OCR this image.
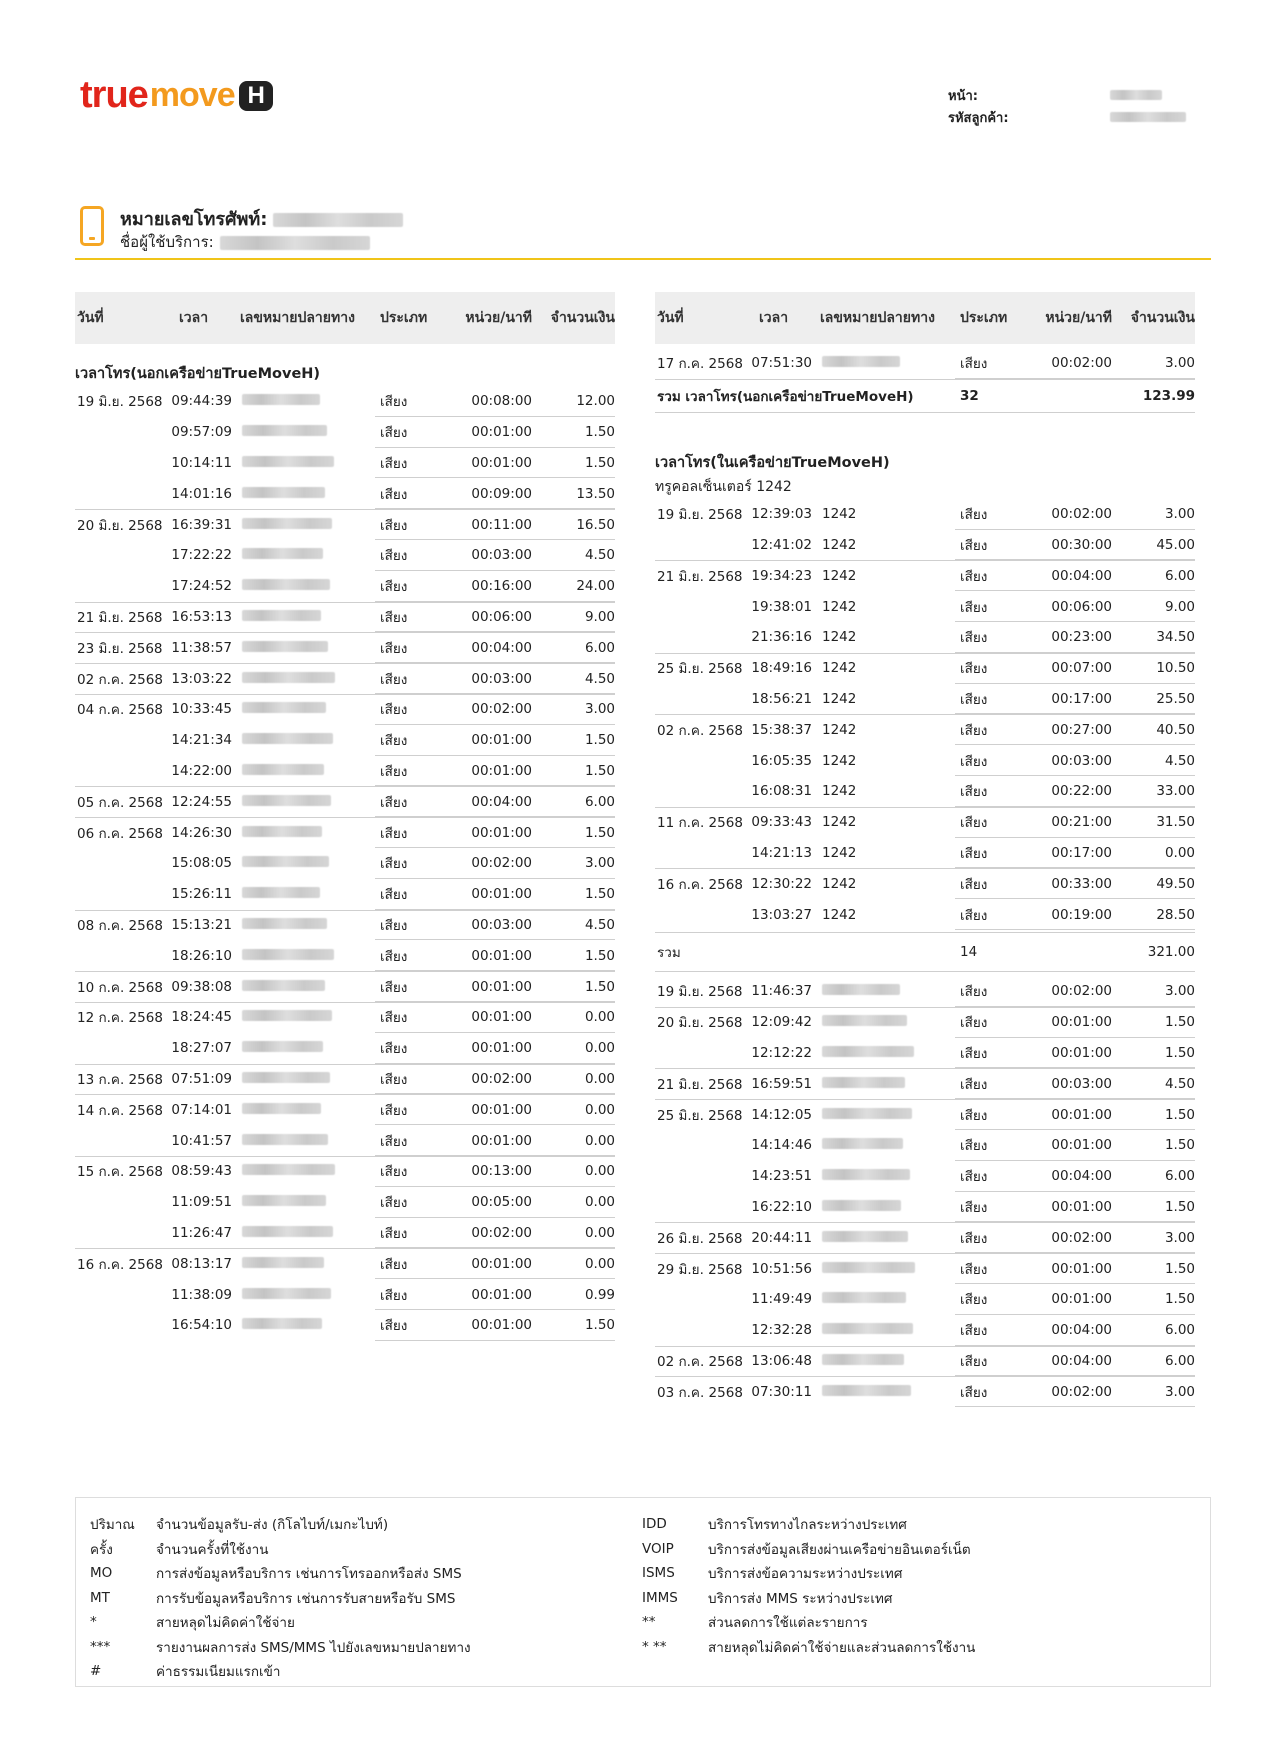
true move H	หน้า:
รหัสลูกค้า:
หมายเลขโทรศัพท์:
ชื่อผู้ใช้บริการ:
วันที่	เวลา	เลขหมายปลายทาง	ประเภท	หน่วย/นาที	จำนวนเงิน
เวลาโทร(นอกเครือข่ายTrueMoveH)
19 มิ.ย. 2568 09:44:39	เสียง	00:08:00	12.00
09:57:09	เสียง	00:01:00	1.50
10:14:11	เสียง	00:01:00	1.50
14:01:16	เสียง	00:09:00	13.50
20 มิ.ย. 2568 16:39:31	เสียง	00:11:00	16.50
17:22:22	เสียง	00:03:00	4.50
17:24:52	เสียง	00:16:00	24.00
21 มิ.ย. 2568 16:53:13	เสียง	00:06:00	9.00
23 มิ.ย. 2568 11:38:57	เสียง	00:04:00	6.00
02 ก.ค. 2568 13:03:22	เสียง	00:03:00	4.50
04 ก.ค. 2568 10:33:45	เสียง	00:02:00	3.00
14:21:34	เสียง	00:01:00	1.50
14:22:00	เสียง	00:01:00	1.50
05 ก.ค. 2568 12:24:55	เสียง	00:04:00	6.00
06 ก.ค. 2568 14:26:30	เสียง	00:01:00	1.50
15:08:05	เสียง	00:02:00	3.00
15:26:11	เสียง	00:01:00	1.50
08 ก.ค. 2568 15:13:21	เสียง	00:03:00	4.50
18:26:10	เสียง	00:01:00	1.50
10 ก.ค. 2568 09:38:08	เสียง	00:01:00	1.50
12 ก.ค. 2568 18:24:45	เสียง	00:01:00	0.00
18:27:07	เสียง	00:01:00	0.00
13 ก.ค. 2568 07:51:09	เสียง	00:02:00	0.00
14 ก.ค. 2568 07:14:01	เสียง	00:01:00	0.00
10:41:57	เสียง	00:01:00	0.00
15 ก.ค. 2568 08:59:43	เสียง	00:13:00	0.00
11:09:51	เสียง	00:05:00	0.00
11:26:47	เสียง	00:02:00	0.00
16 ก.ค. 2568 08:13:17	เสียง	00:01:00	0.00
11:38:09	เสียง	00:01:00	0.99
16:54:10	เสียง	00:01:00	1.50
วันที่	เวลา	เลขหมายปลายทาง	ประเภท	หน่วย/นาที	จำนวนเงิน
17 ก.ค. 2568 07:51:30	เสียง	00:02:00	3.00
รวม เวลาโทร(นอกเครือข่ายTrueMoveH)	32	123.99
เวลาโทร(ในเครือข่ายTrueMoveH)
ทรูคอลเซ็นเตอร์ 1242
19 มิ.ย. 2568 12:39:03 1242	เสียง	00:02:00	3.00
12:41:02 1242	เสียง	00:30:00	45.00
21 มิ.ย. 2568 19:34:23 1242	เสียง	00:04:00	6.00
19:38:01 1242	เสียง	00:06:00	9.00
21:36:16 1242	เสียง	00:23:00	34.50
25 มิ.ย. 2568 18:49:16 1242	เสียง	00:07:00	10.50
18:56:21 1242	เสียง	00:17:00	25.50
02 ก.ค. 2568 15:38:37 1242	เสียง	00:27:00	40.50
16:05:35 1242	เสียง	00:03:00	4.50
16:08:31 1242	เสียง	00:22:00	33.00
11 ก.ค. 2568 09:33:43 1242	เสียง	00:21:00	31.50
14:21:13 1242	เสียง	00:17:00	0.00
16 ก.ค. 2568 12:30:22 1242	เสียง	00:33:00	49.50
13:03:27 1242	เสียง	00:19:00	28.50
รวม	14	321.00
19 มิ.ย. 2568 11:46:37	เสียง	00:02:00	3.00
20 มิ.ย. 2568 12:09:42	เสียง	00:01:00	1.50
12:12:22	เสียง	00:01:00	1.50
21 มิ.ย. 2568 16:59:51	เสียง	00:03:00	4.50
25 มิ.ย. 2568 14:12:05	เสียง	00:01:00	1.50
14:14:46	เสียง	00:01:00	1.50
14:23:51	เสียง	00:04:00	6.00
16:22:10	เสียง	00:01:00	1.50
26 มิ.ย. 2568 20:44:11	เสียง	00:02:00	3.00
29 มิ.ย. 2568 10:51:56	เสียง	00:01:00	1.50
11:49:49	เสียง	00:01:00	1.50
12:32:28	เสียง	00:04:00	6.00
02 ก.ค. 2568 13:06:48	เสียง	00:04:00	6.00
03 ก.ค. 2568 07:30:11	เสียง	00:02:00	3.00
ปริมาณ	จำนวนข้อมูลรับ-ส่ง (กิโลไบท์/เมกะไบท์)
ครั้ง	จำนวนครั้งที่ใช้งาน
MO	การส่งข้อมูลหรือบริการ เช่นการโทรออกหรือส่ง SMS
MT	การรับข้อมูลหรือบริการ เช่นการรับสายหรือรับ SMS
*	สายหลุดไม่คิดค่าใช้จ่าย
***	รายงานผลการส่ง SMS/MMS ไปยังเลขหมายปลายทาง
#	ค่าธรรมเนียมแรกเข้า
IDD	บริการโทรทางไกลระหว่างประเทศ
VOIP	บริการส่งข้อมูลเสียงผ่านเครือข่ายอินเตอร์เน็ต
ISMS	บริการส่งข้อความระหว่างประเทศ
IMMS	บริการส่ง MMS ระหว่างประเทศ
**	ส่วนลดการใช้แต่ละรายการ
* **	สายหลุดไม่คิดค่าใช้จ่ายและส่วนลดการใช้งาน
